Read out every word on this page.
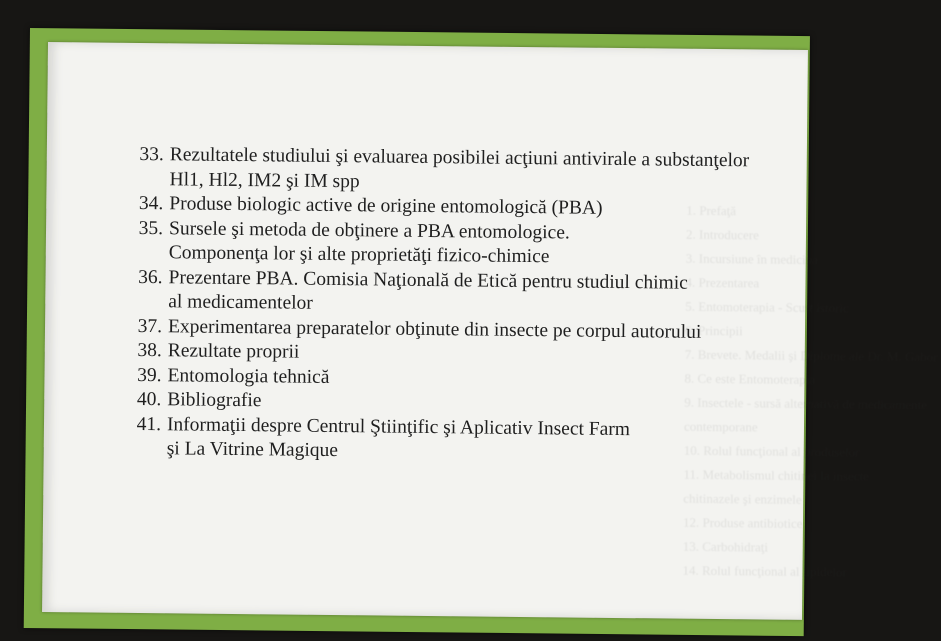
1. Prefaţă
2. Introducere
3. Incursiune în medicina
4. Prezentarea
5. Entomoterapia - Scurt istoric
6. Principii
7. Brevete. Medalii şi Diplome ale Dr. M. Gabor
8. Ce este Entomoterapia
9. Insectele - sursă alternativă de medicamente
contemporane
10. Rolul funcţional al produselor
11. Metabolismul chitinei la insecte
chitinazele şi enzimele
12. Produse antibiotice
13. Carbohidraţi
14. Rolul funcţional al lipidelor
33. Rezultatele studiului şi evaluarea posibilei acţiuni antivirale a substanţelor
Hl1, Hl2, IM2 şi IM spp
34. Produse biologic active de origine entomologică (PBA)
35. Sursele şi metoda de obţinere a PBA entomologice.
Componenţa lor şi alte proprietăţi fizico-chimice
36. Prezentare PBA. Comisia Naţională de Etică pentru studiul chimic
al medicamentelor
37. Experimentarea preparatelor obţinute din insecte pe corpul autorului
38. Rezultate proprii
39. Entomologia tehnică
40. Bibliografie
41. Informaţii despre Centrul Ştiinţific şi Aplicativ Insect Farm
şi La Vitrine Magique
